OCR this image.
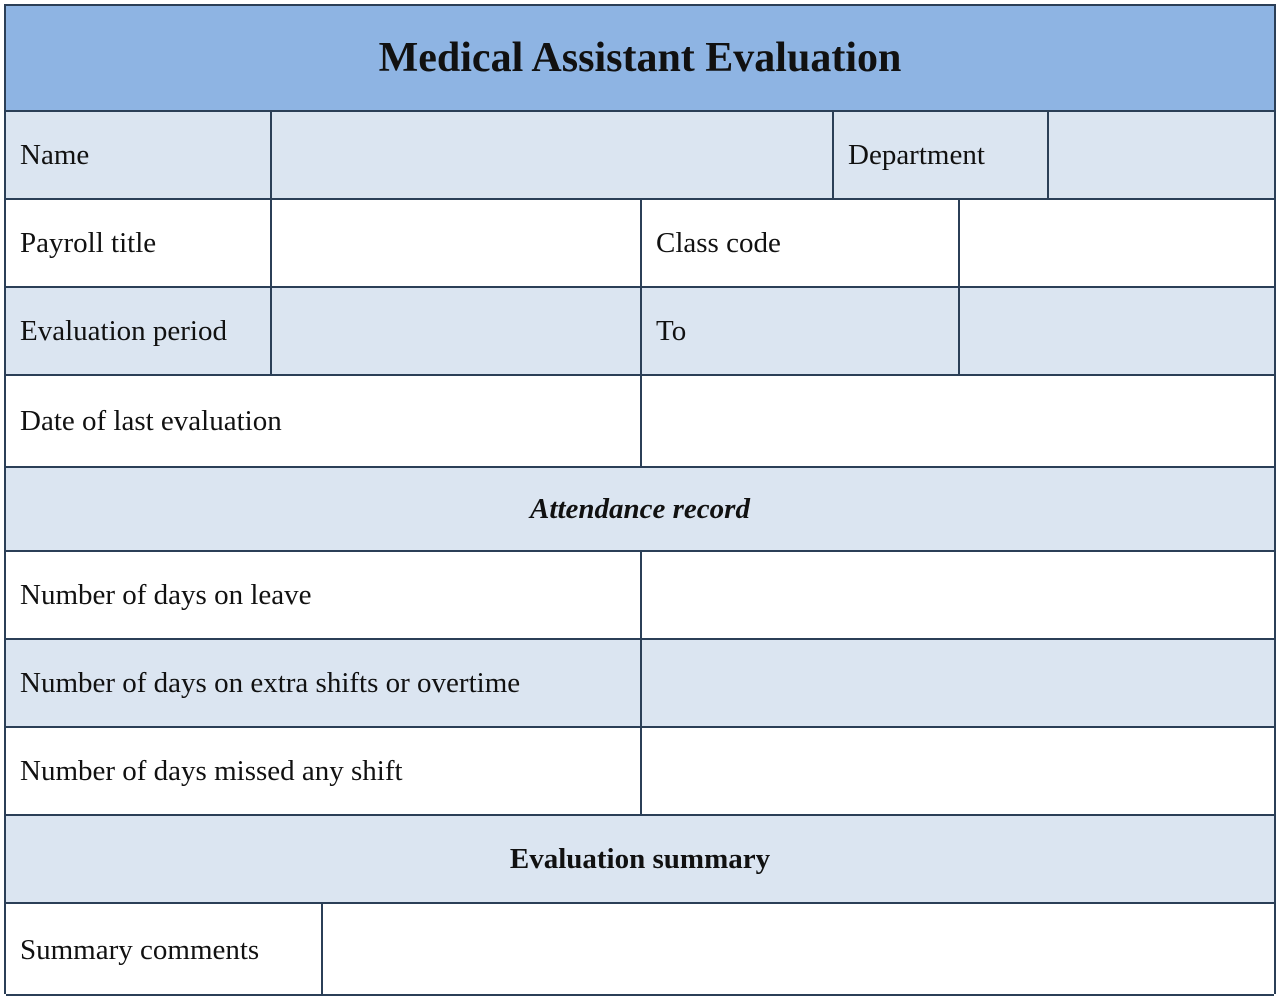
Medical Assistant Evaluation
Name	Department
Payroll title	Class code
Evaluation period	To
Date of last evaluation
Attendance record
Number of days on leave
Number of days on extra shifts or overtime
Number of days missed any shift
Evaluation summary
Summary comments
